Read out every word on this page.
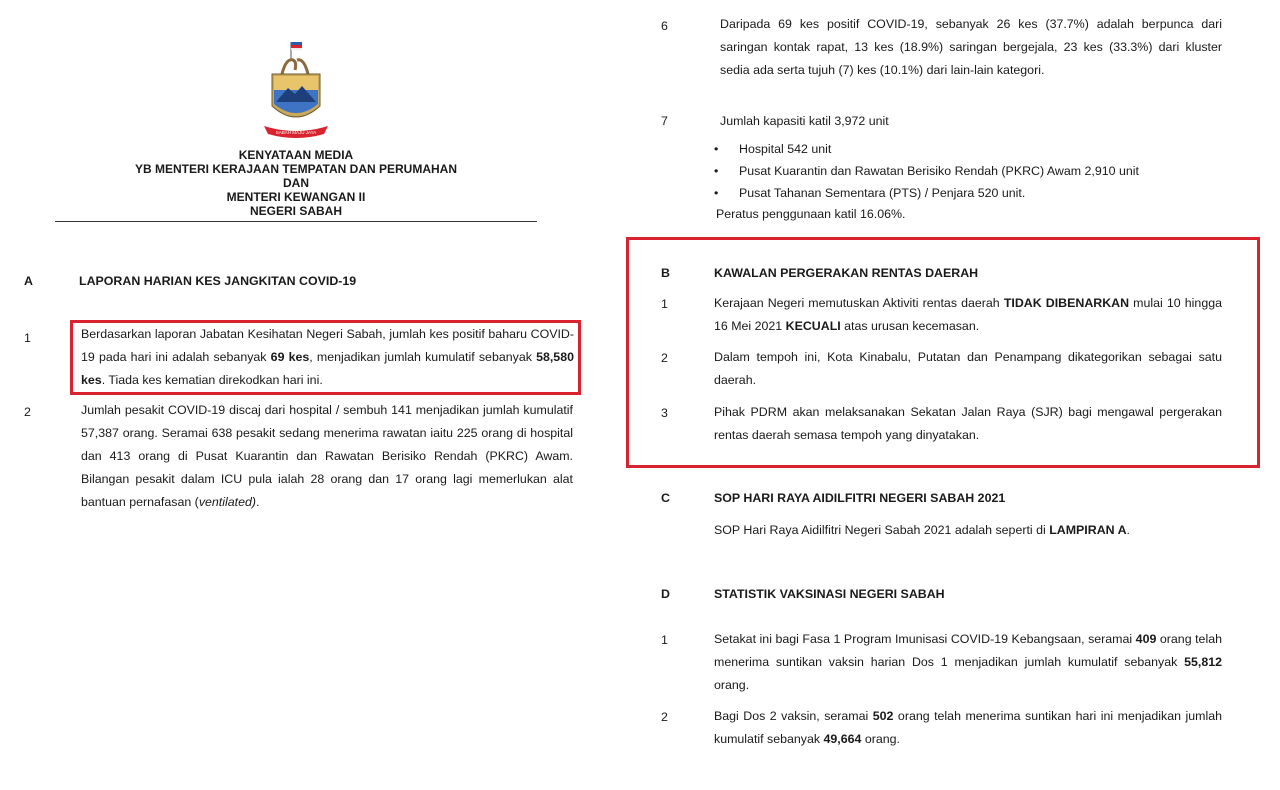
SABAH MAJU JAYA
KENYATAAN MEDIA
YB MENTERI KERAJAAN TEMPATAN DAN PERUMAHAN
DAN
MENTERI KEWANGAN II
NEGERI SABAH
A	LAPORAN HARIAN KES JANGKITAN COVID-19
1	Berdasarkan laporan Jabatan Kesihatan Negeri Sabah, jumlah kes positif baharu COVID-19 pada hari ini adalah sebanyak 69 kes, menjadikan jumlah kumulatif sebanyak 58,580 kes. Tiada kes kematian direkodkan hari ini.
2	Jumlah pesakit COVID-19 discaj dari hospital / sembuh 141 menjadikan jumlah kumulatif 57,387 orang. Seramai 638 pesakit sedang menerima rawatan iaitu 225 orang di hospital dan 413 orang di Pusat Kuarantin dan Rawatan Berisiko Rendah (PKRC) Awam. Bilangan pesakit dalam ICU pula ialah 28 orang dan 17 orang lagi memerlukan alat bantuan pernafasan (ventilated).
6	Daripada 69 kes positif COVID-19, sebanyak 26 kes (37.7%) adalah berpunca dari saringan kontak rapat, 13 kes (18.9%) saringan bergejala, 23 kes (33.3%) dari kluster sedia ada serta tujuh (7) kes (10.1%) dari lain-lain kategori.
7	Jumlah kapasiti katil 3,972 unit
• Hospital 542 unit
• Pusat Kuarantin dan Rawatan Berisiko Rendah (PKRC) Awam 2,910 unit
• Pusat Tahanan Sementara (PTS) / Penjara 520 unit.
Peratus penggunaan katil 16.06%.
B	KAWALAN PERGERAKAN RENTAS DAERAH
1	Kerajaan Negeri memutuskan Aktiviti rentas daerah TIDAK DIBENARKAN mulai 10 hingga 16 Mei 2021 KECUALI atas urusan kecemasan.
2	Dalam tempoh ini, Kota Kinabalu, Putatan dan Penampang dikategorikan sebagai satu daerah.
3	Pihak PDRM akan melaksanakan Sekatan Jalan Raya (SJR) bagi mengawal pergerakan rentas daerah semasa tempoh yang dinyatakan.
C	SOP HARI RAYA AIDILFITRI NEGERI SABAH 2021
SOP Hari Raya Aidilfitri Negeri Sabah 2021 adalah seperti di LAMPIRAN A.
D	STATISTIK VAKSINASI NEGERI SABAH
1	Setakat ini bagi Fasa 1 Program Imunisasi COVID-19 Kebangsaan, seramai 409 orang telah menerima suntikan vaksin harian Dos 1 menjadikan jumlah kumulatif sebanyak 55,812 orang.
2	Bagi Dos 2 vaksin, seramai 502 orang telah menerima suntikan hari ini menjadikan jumlah kumulatif sebanyak 49,664 orang.
